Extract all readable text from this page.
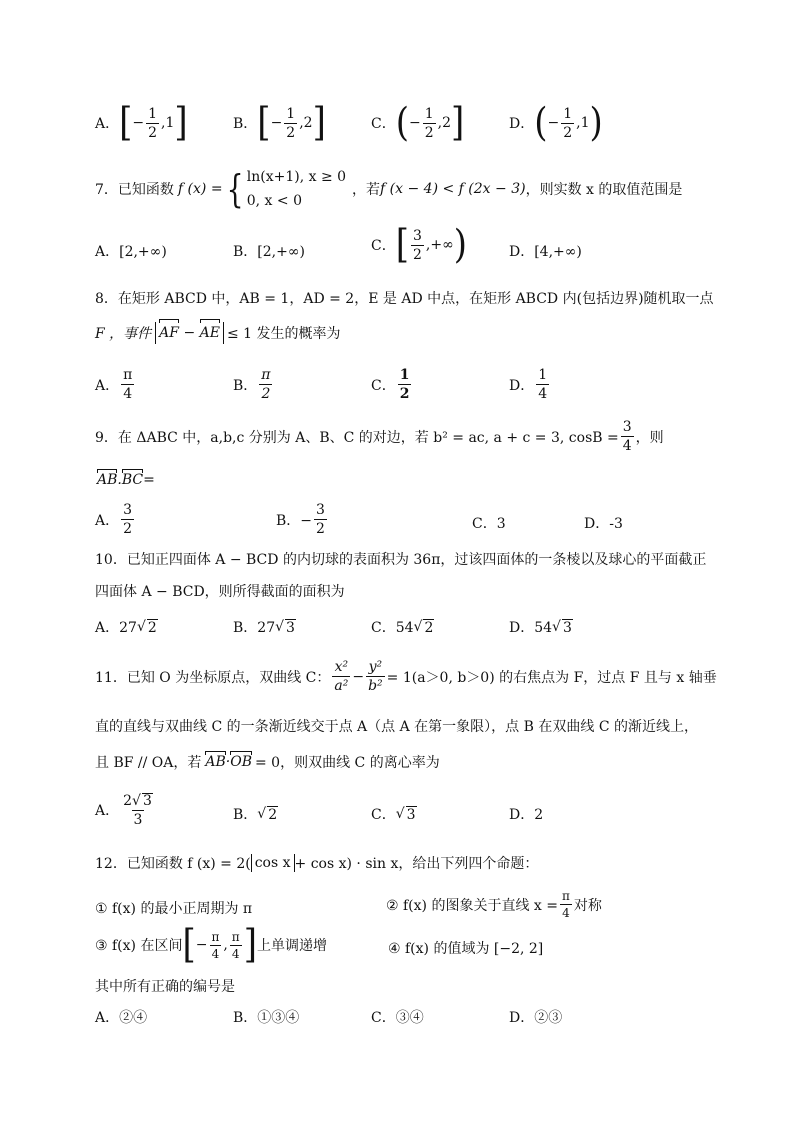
A． [ − $\frac{1}{2} ,1$ ]	B． [ − $\frac{1}{2} ,2$ ]	C． ( − $\frac{1}{2} ,2$ ]	D． ( − $\frac{1}{2} ,1$ )
7．已知函数 f (x) = { ln(x+1), x ≥ 0
0, x < 0
，若 f (x − 4) < f (2x − 3) ，则实数 x 的取值范围是
A．[2,+∞)	B．[2,+∞)	C． [ $\frac{3}{2}$ ,+∞ )	D．[4,+∞)
8．在矩形 ABCD 中，AB = 1，AD = 2，E 是 AD 中点，在矩形 ABCD 内(包括边界)随机取一点
F ，事件 AF − AE ≤ 1 发生的概率为
A． $\frac{\pi}{4}$	B． $\frac{\pi}{2}$	C． $\frac{1}{2}$	D． $\frac{1}{4}$
9．在 ΔABC 中，a,b,c 分别为 A、B、C 的对边，若 b² = ac, a + c = 3, $\cos B = \frac{3}{4}$ ，则
AB . BC =
A． $\frac{3}{2}$	B．− $\frac{3}{2}$	C．3	D．-3
10．已知正四面体 A − BCD 的内切球的表面积为 36π，过该四面体的一条棱以及球心的平面截正
四面体 A − BCD，则所得截面的面积为
A．27 √ 2	B．27 √ 3	C．54 √ 2	D．54 √ 3
11．已知 O 为坐标原点，双曲线 C： $\frac{\text{x²}}{\text{a²}} - \frac{\text{y²}}{\text{b²}} = 1(a>0$, b＞0) 的右焦点为 F，过点 F 且与 x 轴垂
直的直线与双曲线 C 的一条渐近线交于点 A（点 A 在第一象限），点 B 在双曲线 C 的渐近线上，
且 BF // OA，若 AB·OB = 0，则双曲线 C 的离心率为
A． $\frac{2√ 3}{3}$	B． √ 2	C． √ 3	D．2
12．已知函数 f (x) = 2( cos x + cos x) · sin x，给出下列四个命题：
① f(x) 的最小正周期为 π	② f(x) 的图象关于直线 $x = \frac{\pi}{4}$ 对称
③ f(x) 在区间 [ − $\frac{\pi}{4}$ , $\frac{\pi}{4}$ ] 上单调递增	④ f(x) 的值域为 [−2, 2]
其中所有正确的编号是
A．②④	B．①③④	C．③④	D．②③
